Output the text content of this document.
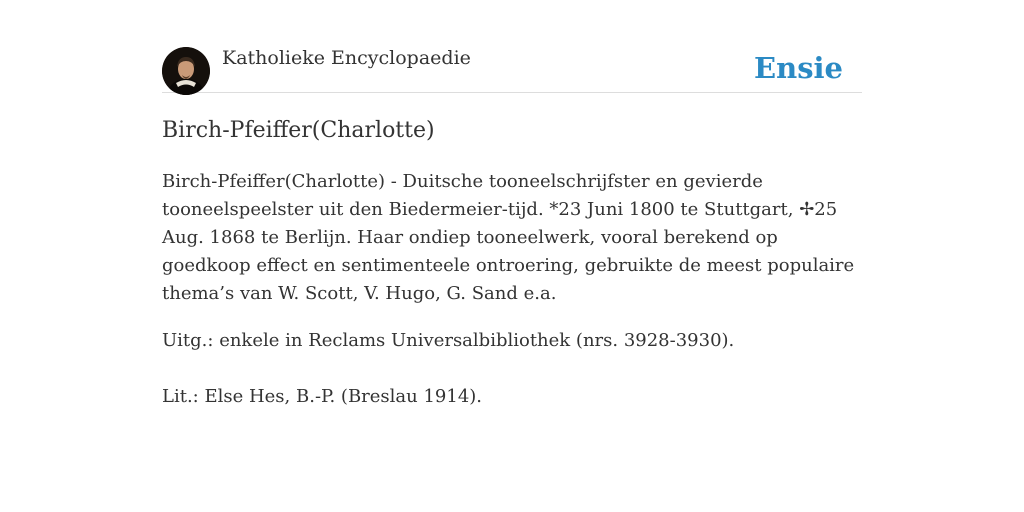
Katholieke Encyclopaedie	Ensie
Birch-Pfeiffer(Charlotte)

Birch-Pfeiffer(Charlotte) - Duitsche tooneelschrijfster en gevierde tooneelspeelster uit den Biedermeier-tijd. *23 Juni 1800 te Stuttgart, ✢25 Aug. 1868 te Berlijn. Haar ondiep tooneelwerk, vooral berekend op goedkoop effect en sentimenteele ontroering, gebruikte de meest populaire thema’s van W. Scott, V. Hugo, G. Sand e.a.

Uitg.: enkele in Reclams Universalbibliothek (nrs. 3928-3930).

Lit.: Else Hes, B.-P. (Breslau 1914).
